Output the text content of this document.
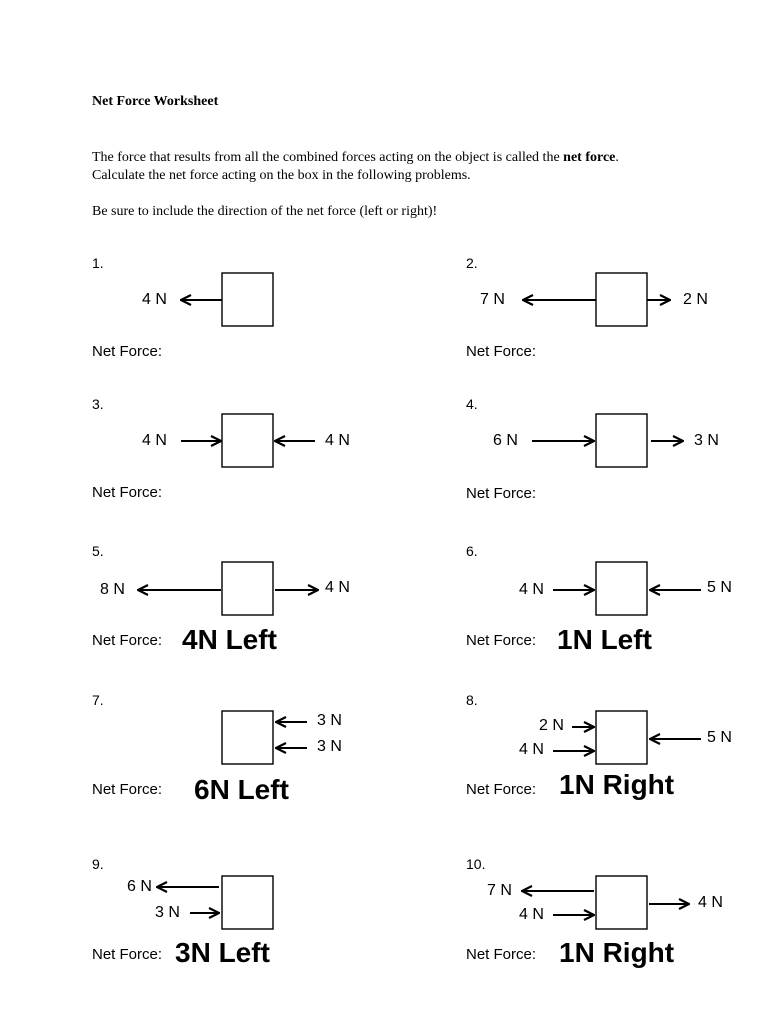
Net Force Worksheet
The force that results from all the combined forces acting on the object is called the net force. Calculate the net force acting on the box in the following problems.
Be sure to include the direction of the net force (left or right)!
1.
Net Force:
4 N
2.
Net Force:
7 N	2 N
3.
Net Force:
4 N	4 N
4.
Net Force:
6 N	3 N
5.
Net Force: 4N Left
8 N	4 N
6.
Net Force: 1N Left
4 N	5 N
7.
Net Force: 6N Left
3 N
3 N
8.
Net Force: 1N Right
2 N
4 N
5 N
9.
Net Force: 3N Left
6 N
3 N
10.
Net Force: 1N Right
7 N
4 N
4 N
